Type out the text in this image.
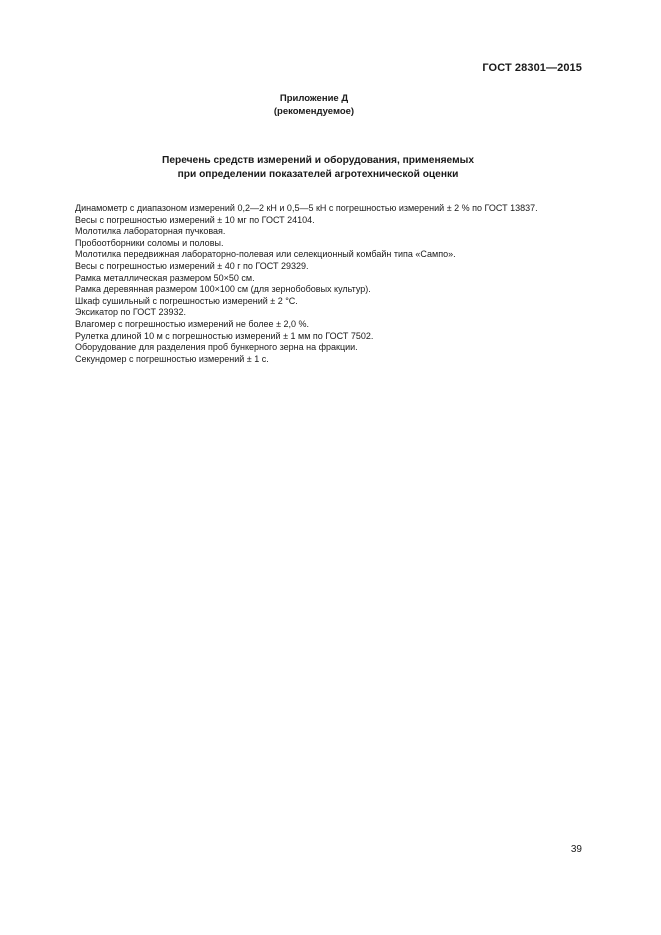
ГОСТ 28301—2015

Приложение Д
(рекомендуемое)
Перечень средств измерений и оборудования, применяемых
при определении показателей агротехнической оценки
Динамометр с диапазоном измерений 0,2—2 кН и 0,5—5 кН с погрешностью измерений ± 2 % по ГОСТ 13837.
Весы с погрешностью измерений ± 10 мг по ГОСТ 24104.
Молотилка лабораторная пучковая.
Пробоотборники соломы и половы.
Молотилка передвижная лабораторно-полевая или селекционный комбайн типа «Сампо».
Весы с погрешностью измерений ± 40 г по ГОСТ 29329.
Рамка металлическая размером 50×50 см.
Рамка деревянная размером 100×100 см (для зернобобовых культур).
Шкаф сушильный с погрешностью измерений ± 2 °С.
Эксикатор по ГОСТ 23932.
Влагомер с погрешностью измерений не более ± 2,0 %.
Рулетка длиной 10 м с погрешностью измерений ± 1 мм по ГОСТ 7502.
Оборудование для разделения проб бункерного зерна на фракции.
Секундомер с погрешностью измерений ± 1 с.

39
